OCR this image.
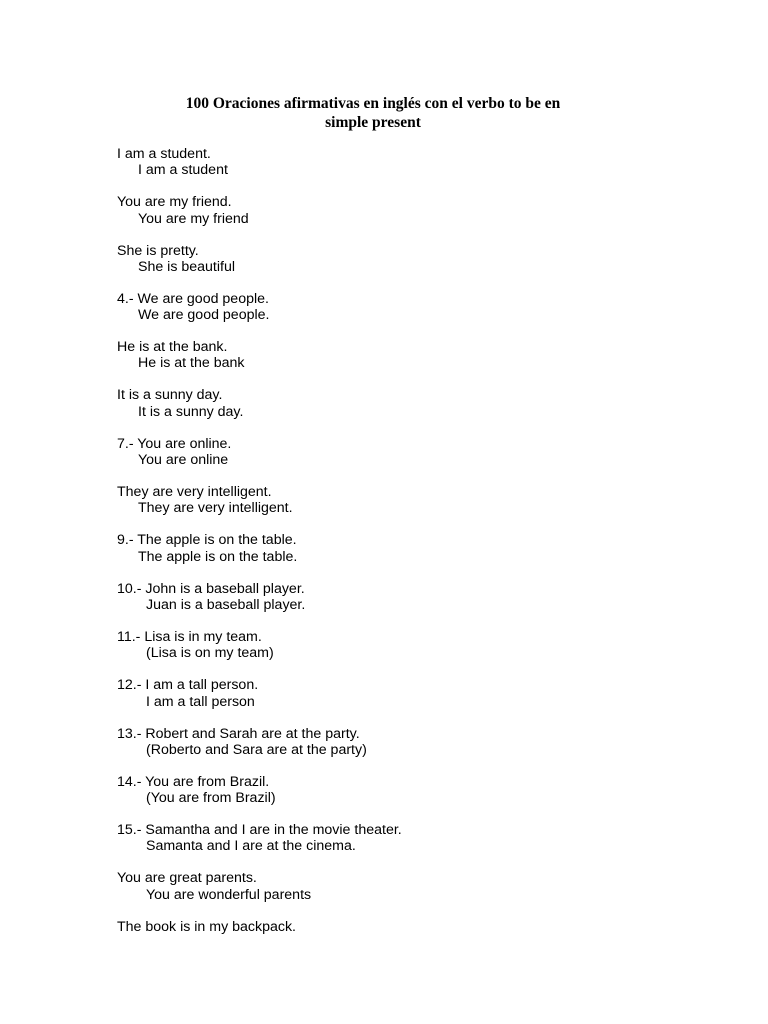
100 Oraciones afirmativas en inglés con el verbo to be en
simple present
I am a student.
I am a student
You are my friend.
You are my friend
She is pretty.
She is beautiful
4.- We are good people.
We are good people.
He is at the bank.
He is at the bank
It is a sunny day.
It is a sunny day.
7.- You are online.
You are online
They are very intelligent.
They are very intelligent.
9.- The apple is on the table.
The apple is on the table.
10.- John is a baseball player.
Juan is a baseball player.
11.- Lisa is in my team.
(Lisa is on my team)
12.- I am a tall person.
I am a tall person
13.- Robert and Sarah are at the party.
(Roberto and Sara are at the party)
14.- You are from Brazil.
(You are from Brazil)
15.- Samantha and I are in the movie theater.
Samanta and I are at the cinema.
You are great parents.
You are wonderful parents
The book is in my backpack.
